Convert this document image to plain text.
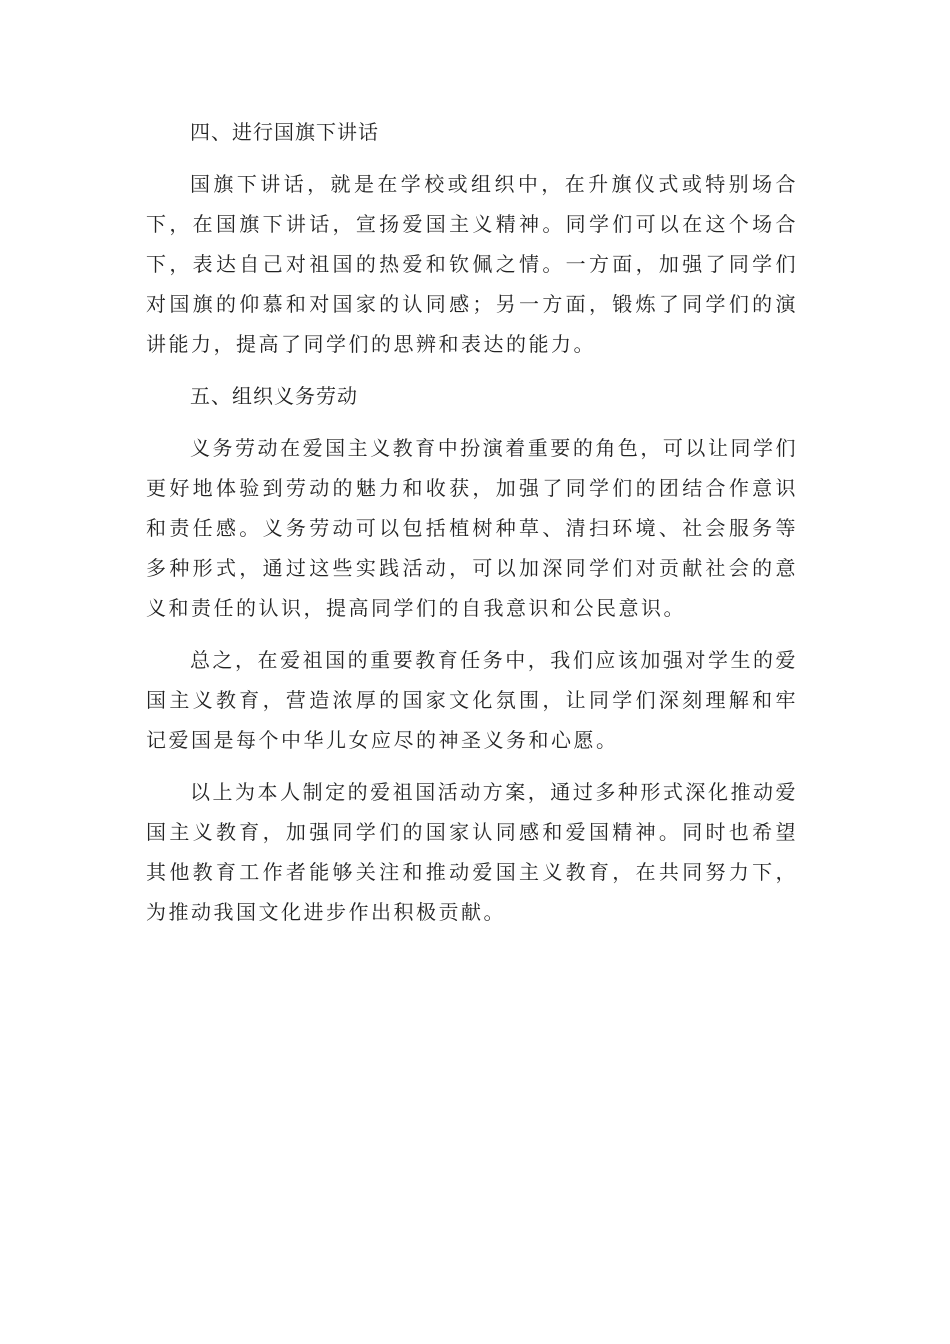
四、进行国旗下讲话

国旗下讲话，就是在学校或组织中，在升旗仪式或特别场合下，在国旗下讲话，宣扬爱国主义精神。同学们可以在这个场合下，表达自己对祖国的热爱和钦佩之情。一方面，加强了同学们对国旗的仰慕和对国家的认同感；另一方面，锻炼了同学们的演讲能力，提高了同学们的思辨和表达的能力。

五、组织义务劳动

义务劳动在爱国主义教育中扮演着重要的角色，可以让同学们更好地体验到劳动的魅力和收获，加强了同学们的团结合作意识和责任感。义务劳动可以包括植树种草、清扫环境、社会服务等多种形式，通过这些实践活动，可以加深同学们对贡献社会的意义和责任的认识，提高同学们的自我意识和公民意识。

总之，在爱祖国的重要教育任务中，我们应该加强对学生的爱国主义教育，营造浓厚的国家文化氛围，让同学们深刻理解和牢记爱国是每个中华儿女应尽的神圣义务和心愿。

以上为本人制定的爱祖国活动方案，通过多种形式深化推动爱国主义教育，加强同学们的国家认同感和爱国精神。同时也希望其他教育工作者能够关注和推动爱国主义教育，在共同努力下，为推动我国文化进步作出积极贡献。
